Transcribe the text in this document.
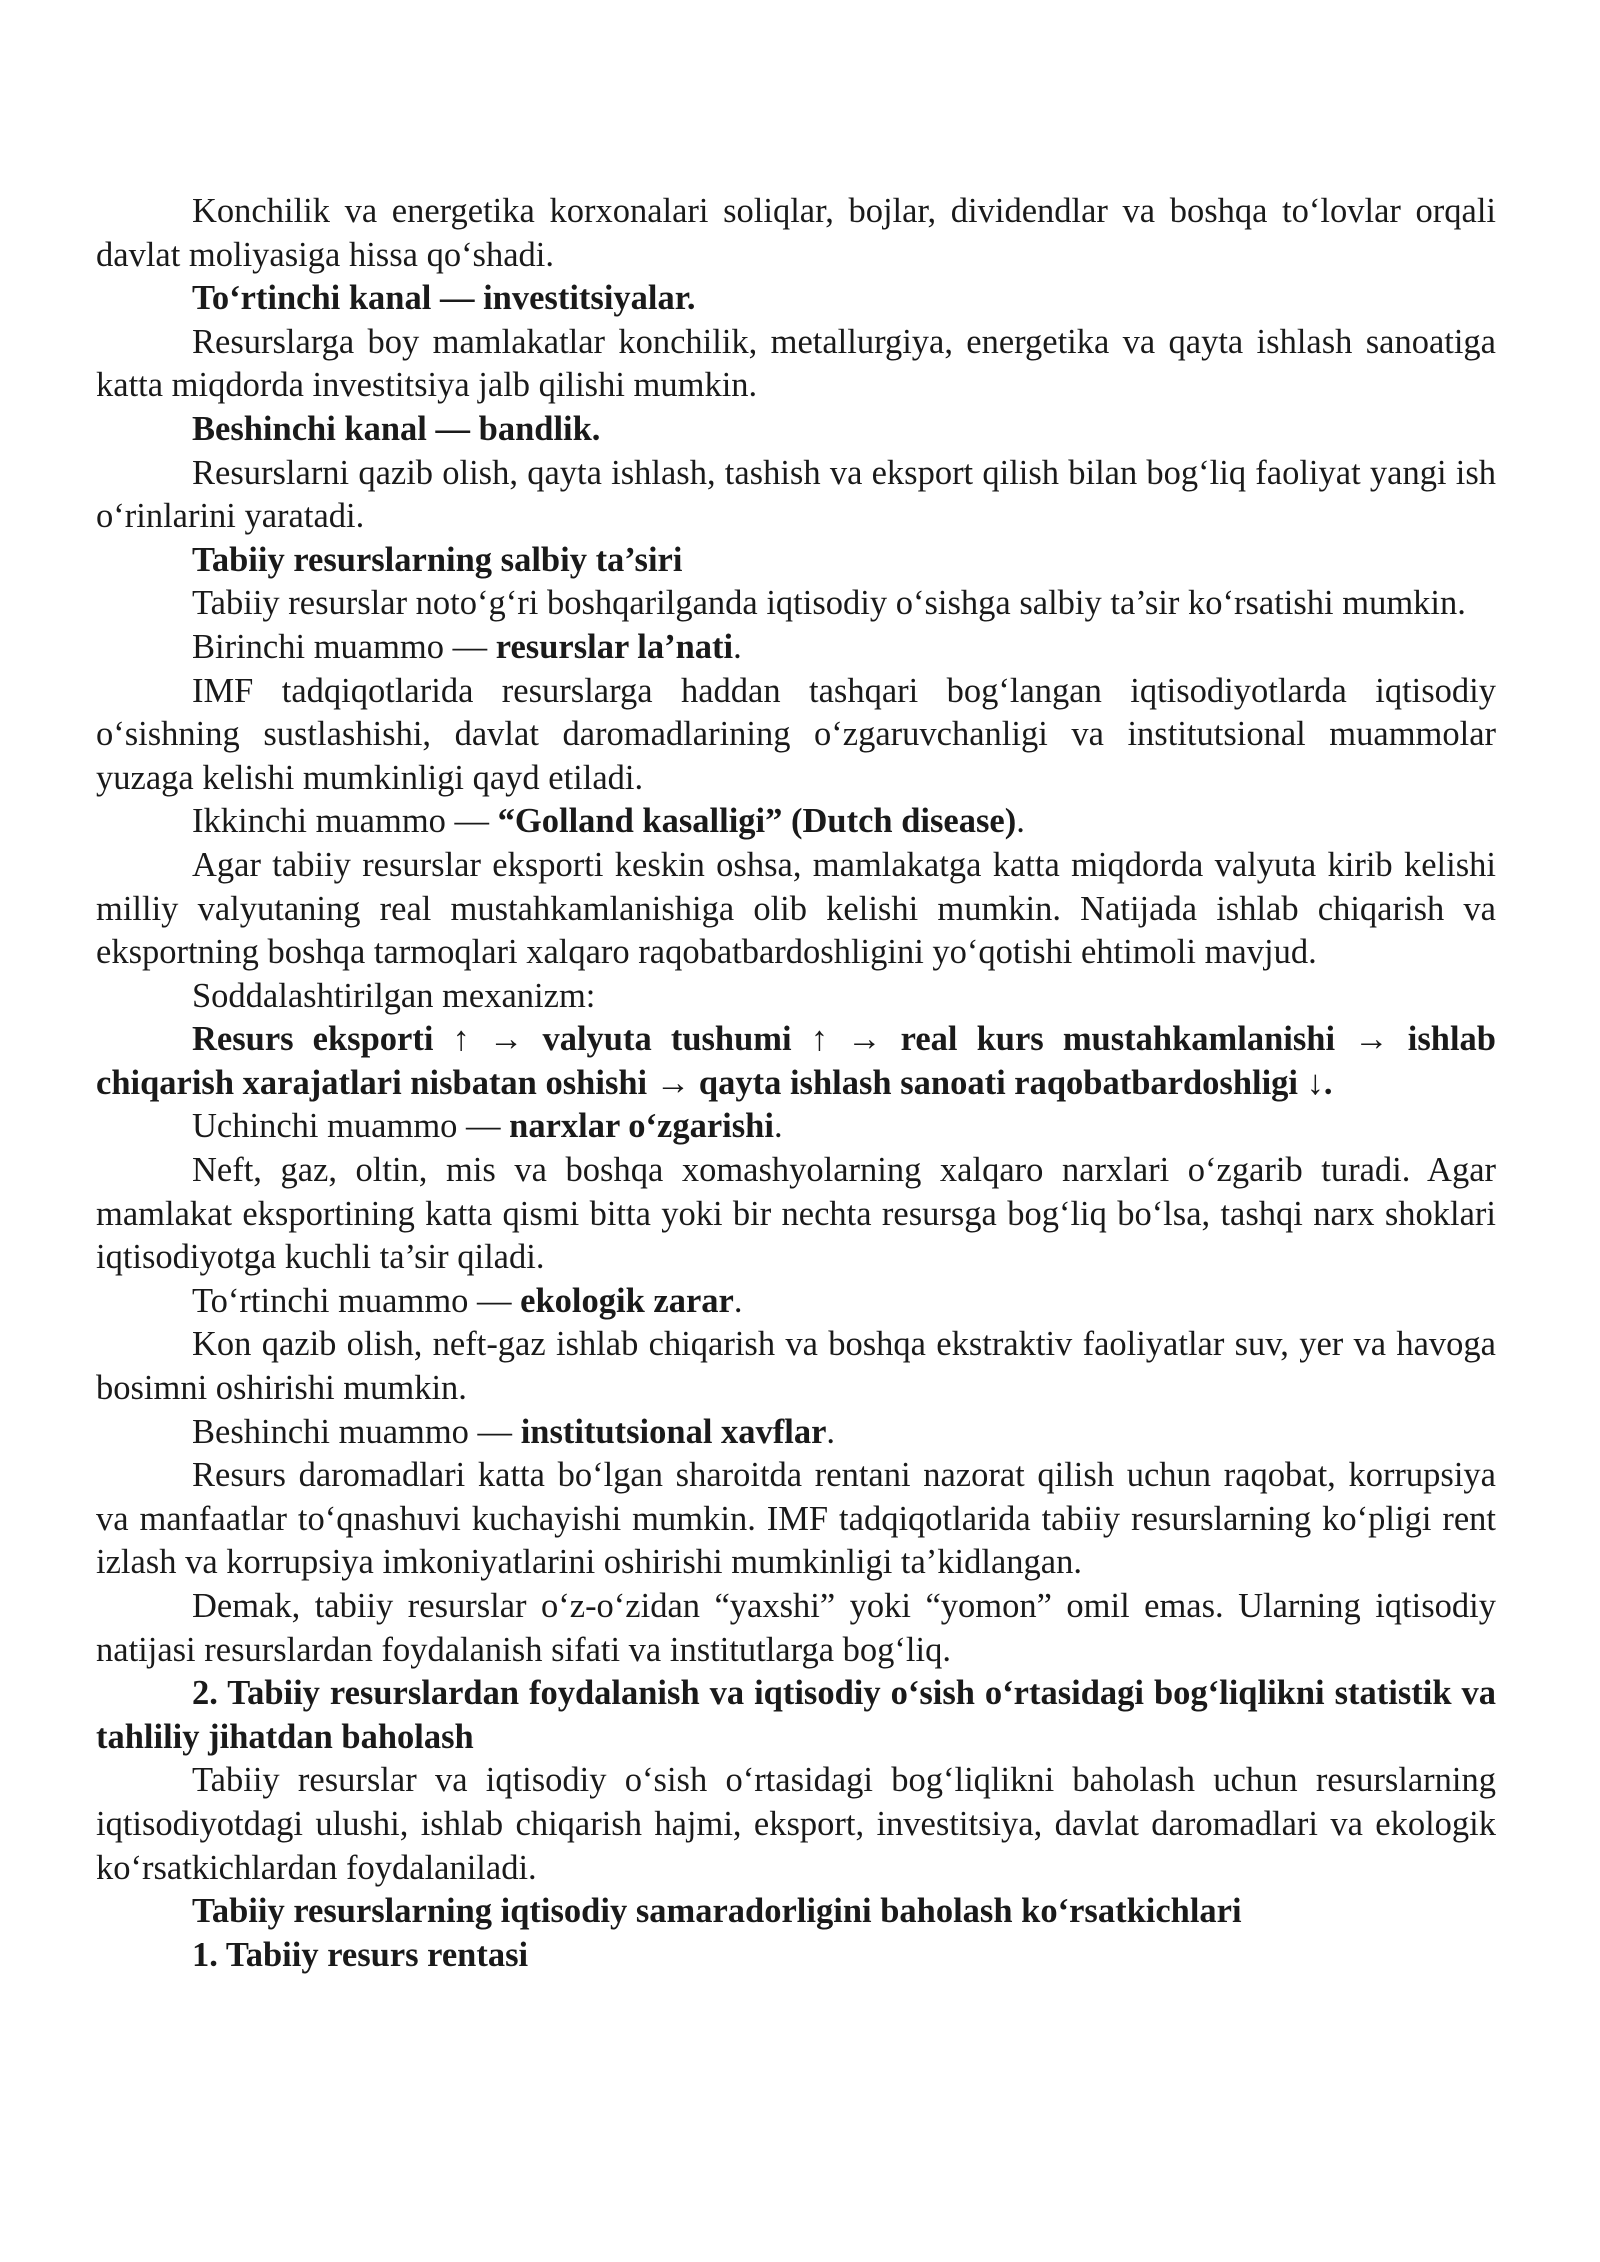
Konchilik va energetika korxonalari soliqlar, bojlar, dividendlar va boshqa to‘lovlar orqali davlat moliyasiga hissa qo‘shadi.

To‘rtinchi kanal — investitsiyalar.

Resurslarga boy mamlakatlar konchilik, metallurgiya, energetika va qayta ishlash sanoatiga katta miqdorda investitsiya jalb qilishi mumkin.

Beshinchi kanal — bandlik.

Resurslarni qazib olish, qayta ishlash, tashish va eksport qilish bilan bog‘liq faoliyat yangi ish o‘rinlarini yaratadi.

Tabiiy resurslarning salbiy ta’siri

Tabiiy resurslar noto‘g‘ri boshqarilganda iqtisodiy o‘sishga salbiy ta’sir ko‘rsatishi mumkin.

Birinchi muammo — resurslar la’nati.

IMF tadqiqotlarida resurslarga haddan tashqari bog‘langan iqtisodiyotlarda iqtisodiy o‘sishning sustlashishi, davlat daromadlarining o‘zgaruvchanligi va institutsional muammolar yuzaga kelishi mumkinligi qayd etiladi.

Ikkinchi muammo — “Golland kasalligi” (Dutch disease).

Agar tabiiy resurslar eksporti keskin oshsa, mamlakatga katta miqdorda valyuta kirib kelishi milliy valyutaning real mustahkamlanishiga olib kelishi mumkin. Natijada ishlab chiqarish va eksportning boshqa tarmoqlari xalqaro raqobatbardoshligini yo‘qotishi ehtimoli mavjud.

Soddalashtirilgan mexanizm:

Resurs eksporti ↑ → valyuta tushumi ↑ → real kurs mustahkamlanishi → ishlab chiqarish xarajatlari nisbatan oshishi → qayta ishlash sanoati raqobatbardoshligi ↓.

Uchinchi muammo — narxlar o‘zgarishi.

Neft, gaz, oltin, mis va boshqa xomashyolarning xalqaro narxlari o‘zgarib turadi. Agar mamlakat eksportining katta qismi bitta yoki bir nechta resursga bog‘liq bo‘lsa, tashqi narx shoklari iqtisodiyotga kuchli ta’sir qiladi.

To‘rtinchi muammo — ekologik zarar.

Kon qazib olish, neft-gaz ishlab chiqarish va boshqa ekstraktiv faoliyatlar suv, yer va havoga bosimni oshirishi mumkin.

Beshinchi muammo — institutsional xavflar.

Resurs daromadlari katta bo‘lgan sharoitda rentani nazorat qilish uchun raqobat, korrupsiya va manfaatlar to‘qnashuvi kuchayishi mumkin. IMF tadqiqotlarida tabiiy resurslarning ko‘pligi rent izlash va korrupsiya imkoniyatlarini oshirishi mumkinligi ta’kidlangan.

Demak, tabiiy resurslar o‘z-o‘zidan “yaxshi” yoki “yomon” omil emas. Ularning iqtisodiy natijasi resurslardan foydalanish sifati va institutlarga bog‘liq.

2. Tabiiy resurslardan foydalanish va iqtisodiy o‘sish o‘rtasidagi bog‘liqlikni statistik va tahliliy jihatdan baholash

Tabiiy resurslar va iqtisodiy o‘sish o‘rtasidagi bog‘liqlikni baholash uchun resurslarning iqtisodiyotdagi ulushi, ishlab chiqarish hajmi, eksport, investitsiya, davlat daromadlari va ekologik ko‘rsatkichlardan foydalaniladi.

Tabiiy resurslarning iqtisodiy samaradorligini baholash ko‘rsatkichlari

1. Tabiiy resurs rentasi
